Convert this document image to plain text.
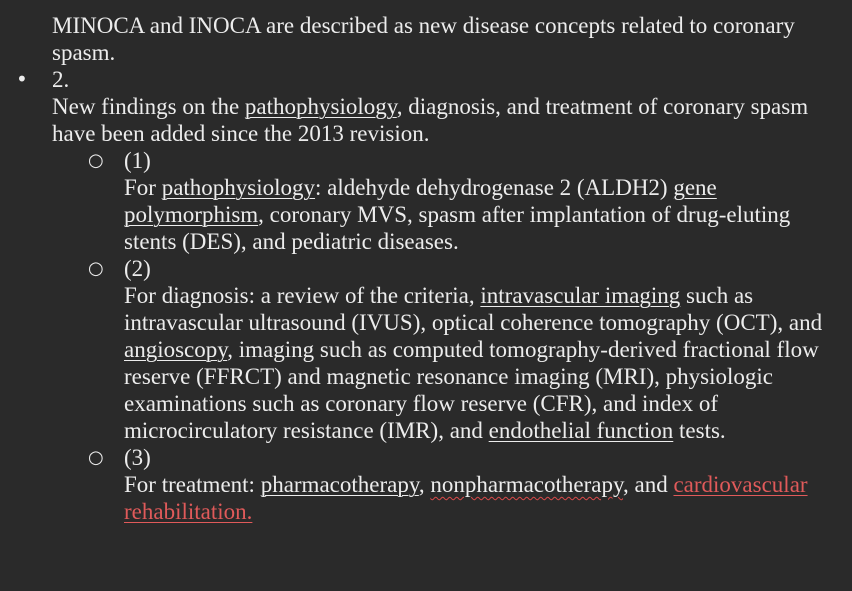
MINOCA and INOCA are described as new disease concepts related to coronary spasm.

• 2.

New findings on the pathophysiology, diagnosis, and treatment of coronary spasm have been added since the 2013 revision.

○ (1)

For pathophysiology: aldehyde dehydrogenase 2 (ALDH2) gene polymorphism, coronary MVS, spasm after implantation of drug-eluting stents (DES), and pediatric diseases.

○ (2)

For diagnosis: a review of the criteria, intravascular imaging such as intravascular ultrasound (IVUS), optical coherence tomography (OCT), and angioscopy, imaging such as computed tomography-derived fractional flow reserve (FFRCT) and magnetic resonance imaging (MRI), physiologic examinations such as coronary flow reserve (CFR), and index of microcirculatory resistance (IMR), and endothelial function tests.

○ (3)

For treatment: pharmacotherapy, nonpharmacotherapy, and cardiovascular rehabilitation.
